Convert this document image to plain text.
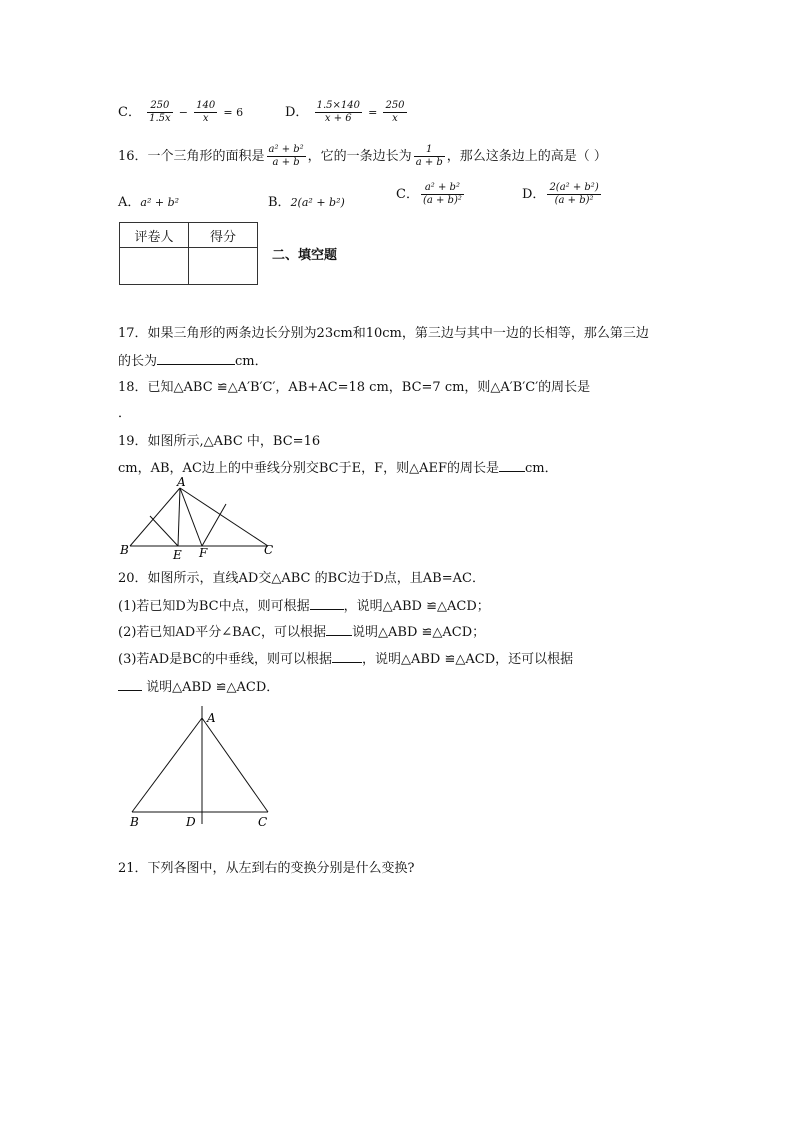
C． $\frac{250}{1.5x} - \frac{140}{x} = 6$	D． $\frac{1.5\times 140}{x + 6} = \frac{250}{x}$
16．一个三角形的面积是 $\frac{\text{a² + b²}}{a + b}$ ，它的一条边长为 $\frac{1}{a + b}$ ，那么这条边上的高是（ ）
A．a² + b²	B．2(a² + b²)
C． $\frac{\text{a² + b²}}{\text{(a + b)²}}$	D． $\frac{\text{2(a² + b²)}}{\text{(a + b)²}}$
评卷人	得分

二、填空题
17．如果三角形的两条边长分别为23cm和10cm，第三边与其中一边的长相等，那么第三边
的长为	cm．
18．已知△ABC ≌△A′B′C′，AB+AC=18 cm，BC=7 cm，则△A′B′C′的周长是
．
19．如图所示,△ABC 中，BC=16
cm，AB，AC边上的中垂线分别交BC于E，F，则△AEF的周长是 cm．
A
B	E F	C
20．如图所示，直线AD交△ABC 的BC边于D点，且AB=AC．
(1)若已知D为BC中点，则可根据	，说明△ABD ≌△ACD；
(2)若已知AD平分∠BAC，可以根据 说明△ABD ≌△ACD；
(3)若AD是BC的中垂线，则可以根据 ，说明△ABD ≌△ACD，还可以根据
说明△ABD ≌△ACD．
A
B	D	C
21．下列各图中，从左到右的变换分别是什么变换?
